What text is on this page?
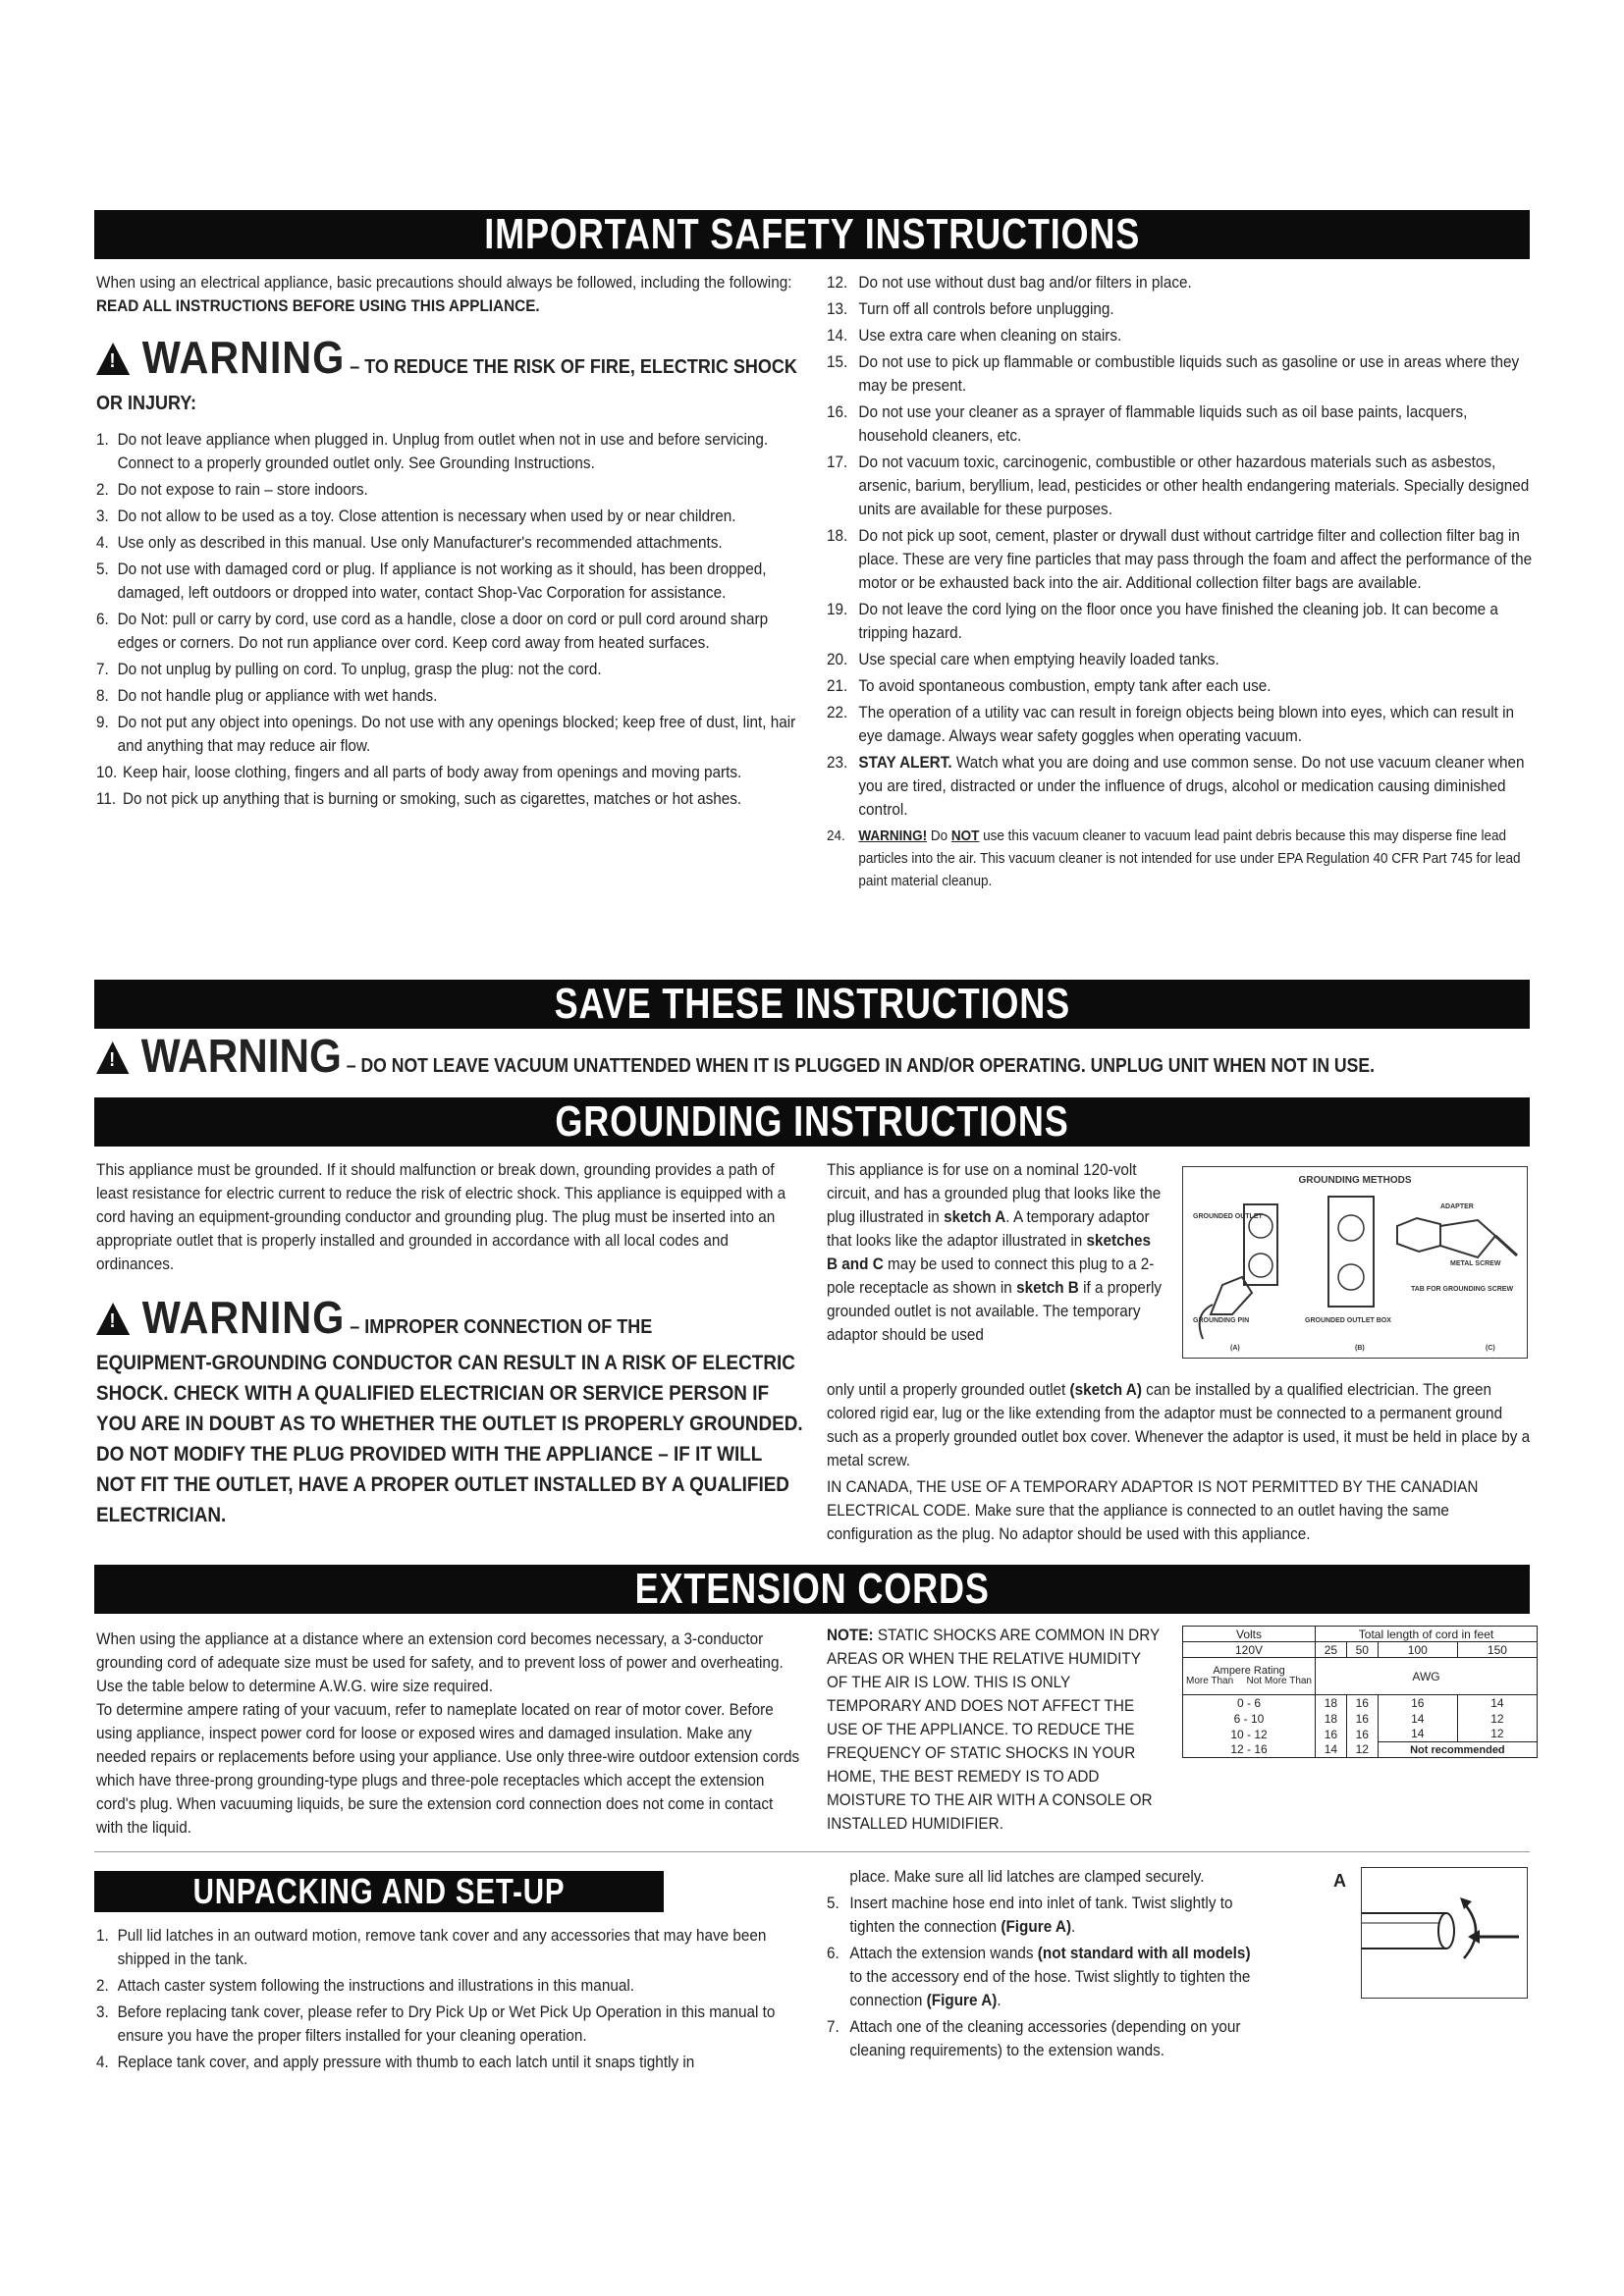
IMPORTANT SAFETY INSTRUCTIONS

When using an electrical appliance, basic precautions should always be followed, including the following: READ ALL INSTRUCTIONS BEFORE USING THIS APPLIANCE.

!WARNING – TO REDUCE THE RISK OF FIRE, ELECTRIC SHOCK OR INJURY:
1. Do not leave appliance when plugged in. Unplug from outlet when not in use and before servicing. Connect to a properly grounded outlet only. See Grounding Instructions.
2. Do not expose to rain – store indoors.
3. Do not allow to be used as a toy. Close attention is necessary when used by or near children.
4. Use only as described in this manual. Use only Manufacturer's recommended attachments.
5. Do not use with damaged cord or plug. If appliance is not working as it should, has been dropped, damaged, left outdoors or dropped into water, contact Shop-Vac Corporation for assistance.
6. Do Not: pull or carry by cord, use cord as a handle, close a door on cord or pull cord around sharp edges or corners. Do not run appliance over cord. Keep cord away from heated surfaces.
7. Do not unplug by pulling on cord. To unplug, grasp the plug: not the cord.
8. Do not handle plug or appliance with wet hands.
9. Do not put any object into openings. Do not use with any openings blocked; keep free of dust, lint, hair and anything that may reduce air flow.
10. Keep hair, loose clothing, fingers and all parts of body away from openings and moving parts.
11. Do not pick up anything that is burning or smoking, such as cigarettes, matches or hot ashes.
12. Do not use without dust bag and/or filters in place.
13. Turn off all controls before unplugging.
14. Use extra care when cleaning on stairs.
15. Do not use to pick up flammable or combustible liquids such as gasoline or use in areas where they may be present.
16. Do not use your cleaner as a sprayer of flammable liquids such as oil base paints, lacquers, household cleaners, etc.
17. Do not vacuum toxic, carcinogenic, combustible or other hazardous materials such as asbestos, arsenic, barium, beryllium, lead, pesticides or other health endangering materials. Specially designed units are available for these purposes.
18. Do not pick up soot, cement, plaster or drywall dust without cartridge filter and collection filter bag in place. These are very fine particles that may pass through the foam and affect the performance of the motor or be exhausted back into the air. Additional collection filter bags are available.
19. Do not leave the cord lying on the floor once you have finished the cleaning job. It can become a tripping hazard.
20. Use special care when emptying heavily loaded tanks.
21. To avoid spontaneous combustion, empty tank after each use.
22. The operation of a utility vac can result in foreign objects being blown into eyes, which can result in eye damage. Always wear safety goggles when operating vacuum.
23. STAY ALERT. Watch what you are doing and use common sense. Do not use vacuum cleaner when you are tired, distracted or under the influence of drugs, alcohol or medication causing diminished control.
24. WARNING! Do NOT use this vacuum cleaner to vacuum lead paint debris because this may disperse fine lead particles into the air. This vacuum cleaner is not intended for use under EPA Regulation 40 CFR Part 745 for lead paint material cleanup.
SAVE THESE INSTRUCTIONS
!WARNING – DO NOT LEAVE VACUUM UNATTENDED WHEN IT IS PLUGGED IN AND/OR OPERATING. UNPLUG UNIT WHEN NOT IN USE.
GROUNDING INSTRUCTIONS

This appliance must be grounded. If it should malfunction or break down, grounding provides a path of least resistance for electric current to reduce the risk of electric shock. This appliance is equipped with a cord having an equipment-grounding conductor and grounding plug. The plug must be inserted into an appropriate outlet that is properly installed and grounded in accordance with all local codes and ordinances.

!WARNING – IMPROPER CONNECTION OF THE

EQUIPMENT-GROUNDING CONDUCTOR CAN RESULT IN A RISK OF ELECTRIC SHOCK. CHECK WITH A QUALIFIED ELECTRICIAN OR SERVICE PERSON IF YOU ARE IN DOUBT AS TO WHETHER THE OUTLET IS PROPERLY GROUNDED. DO NOT MODIFY THE PLUG PROVIDED WITH THE APPLIANCE – IF IT WILL NOT FIT THE OUTLET, HAVE A PROPER OUTLET INSTALLED BY A QUALIFIED ELECTRICIAN.

This appliance is for use on a nominal 120-volt circuit, and has a grounded plug that looks like the plug illustrated in sketch A. A temporary adaptor that looks like the adaptor illustrated in sketches B and C may be used to connect this plug to a 2-pole receptacle as shown in sketch B if a properly grounded outlet is not available. The temporary adaptor should be used

only until a properly grounded outlet (sketch A) can be installed by a qualified electrician. The green colored rigid ear, lug or the like extending from the adaptor must be connected to a permanent ground such as a properly grounded outlet box cover. Whenever the adaptor is used, it must be held in place by a metal screw.

IN CANADA, THE USE OF A TEMPORARY ADAPTOR IS NOT PERMITTED BY THE CANADIAN ELECTRICAL CODE. Make sure that the appliance is connected to an outlet having the same configuration as the plug. No adaptor should be used with this appliance.

GROUNDING METHODS
GROUNDED OUTLET
GROUNDING PIN	GROUNDED OUTLET BOX
ADAPTER
METAL SCREW
TAB FOR GROUNDING SCREW
(A)	(B)	(C)
EXTENSION CORDS

When using the appliance at a distance where an extension cord becomes necessary, a 3-conductor grounding cord of adequate size must be used for safety, and to prevent loss of power and overheating. Use the table below to determine A.W.G. wire size required.

To determine ampere rating of your vacuum, refer to nameplate located on rear of motor cover. Before using appliance, inspect power cord for loose or exposed wires and damaged insulation. Make any needed repairs or replacements before using your appliance. Use only three-wire outdoor extension cords which have three-prong grounding-type plugs and three-pole receptacles which accept the extension cord's plug. When vacuuming liquids, be sure the extension cord connection does not come in contact with the liquid.

NOTE: STATIC SHOCKS ARE COMMON IN DRY AREAS OR WHEN THE RELATIVE HUMIDITY OF THE AIR IS LOW. THIS IS ONLY TEMPORARY AND DOES NOT AFFECT THE USE OF THE APPLIANCE. TO REDUCE THE FREQUENCY OF STATIC SHOCKS IN YOUR HOME, THE BEST REMEDY IS TO ADD MOISTURE TO THE AIR WITH A CONSOLE OR INSTALLED HUMIDIFIER.

Volts	Total length of cord in feet			
120V	25	50	100	150

Ampere Rating
More Than Not More Than	AWG			
0 - 6	18	16	16	14
6 - 10	18	16	14	12
10 - 12	16	16	14	12
12 - 16	14	12	Not recommended	
UNPACKING AND SET-UP
1. Pull lid latches in an outward motion, remove tank cover and any accessories that may have been shipped in the tank.
2. Attach caster system following the instructions and illustrations in this manual.
3. Before replacing tank cover, please refer to Dry Pick Up or Wet Pick Up Operation in this manual to ensure you have the proper filters installed for your cleaning operation.
4. Replace tank cover, and apply pressure with thumb to each latch until it snaps tightly in

place. Make sure all lid latches are clamped securely.

5. Insert machine hose end into inlet of tank. Twist slightly to tighten the connection (Figure A).
6. Attach the extension wands (not standard with all models) to the accessory end of the hose. Twist slightly to tighten the connection (Figure A).
7. Attach one of the cleaning accessories (depending on your cleaning requirements) to the extension wands.
A
